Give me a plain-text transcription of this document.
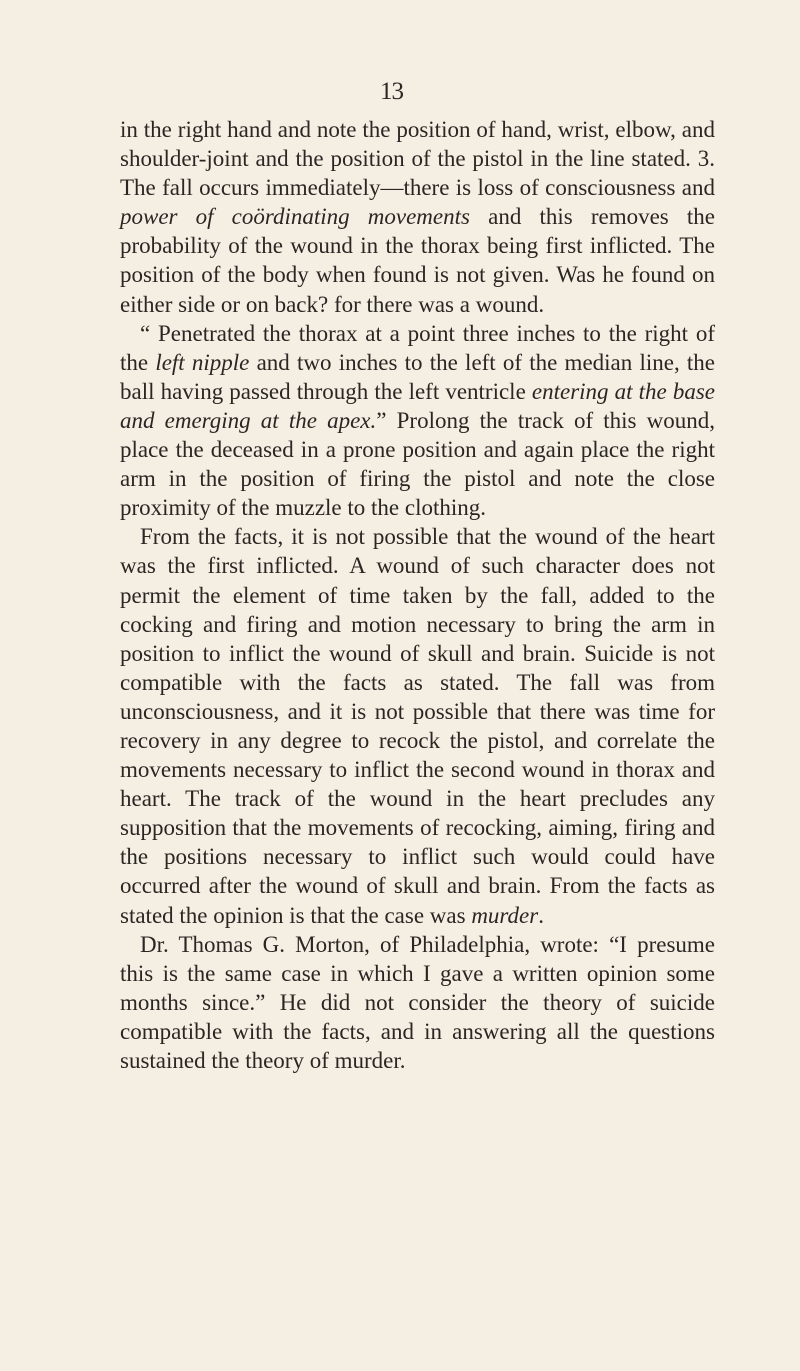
13

in the right hand and note the position of hand, wrist, elbow, and shoulder-joint and the position of the pistol in the line stated. 3. The fall occurs immediately—there is loss of consciousness and power of coördinating movements and this removes the probability of the wound in the thorax being first inflicted. The position of the body when found is not given. Was he found on either side or on back? for there was a wound.

“ Penetrated the thorax at a point three inches to the right of the left nipple and two inches to the left of the median line, the ball having passed through the left ventricle entering at the base and emerging at the apex.” Prolong the track of this wound, place the deceased in a prone position and again place the right arm in the position of firing the pistol and note the close proximity of the muzzle to the clothing.

From the facts, it is not possible that the wound of the heart was the first inflicted. A wound of such character does not permit the element of time taken by the fall, added to the cocking and firing and motion necessary to bring the arm in position to inflict the wound of skull and brain. Suicide is not compatible with the facts as stated. The fall was from unconsciousness, and it is not possible that there was time for recovery in any degree to recock the pistol, and correlate the movements necessary to inflict the second wound in thorax and heart. The track of the wound in the heart precludes any supposition that the movements of recocking, aiming, firing and the positions necessary to inflict such would could have occurred after the wound of skull and brain. From the facts as stated the opinion is that the case was murder.

Dr. Thomas G. Morton, of Philadelphia, wrote: “I presume this is the same case in which I gave a written opinion some months since.” He did not consider the theory of suicide compatible with the facts, and in answering all the questions sustained the theory of murder.
